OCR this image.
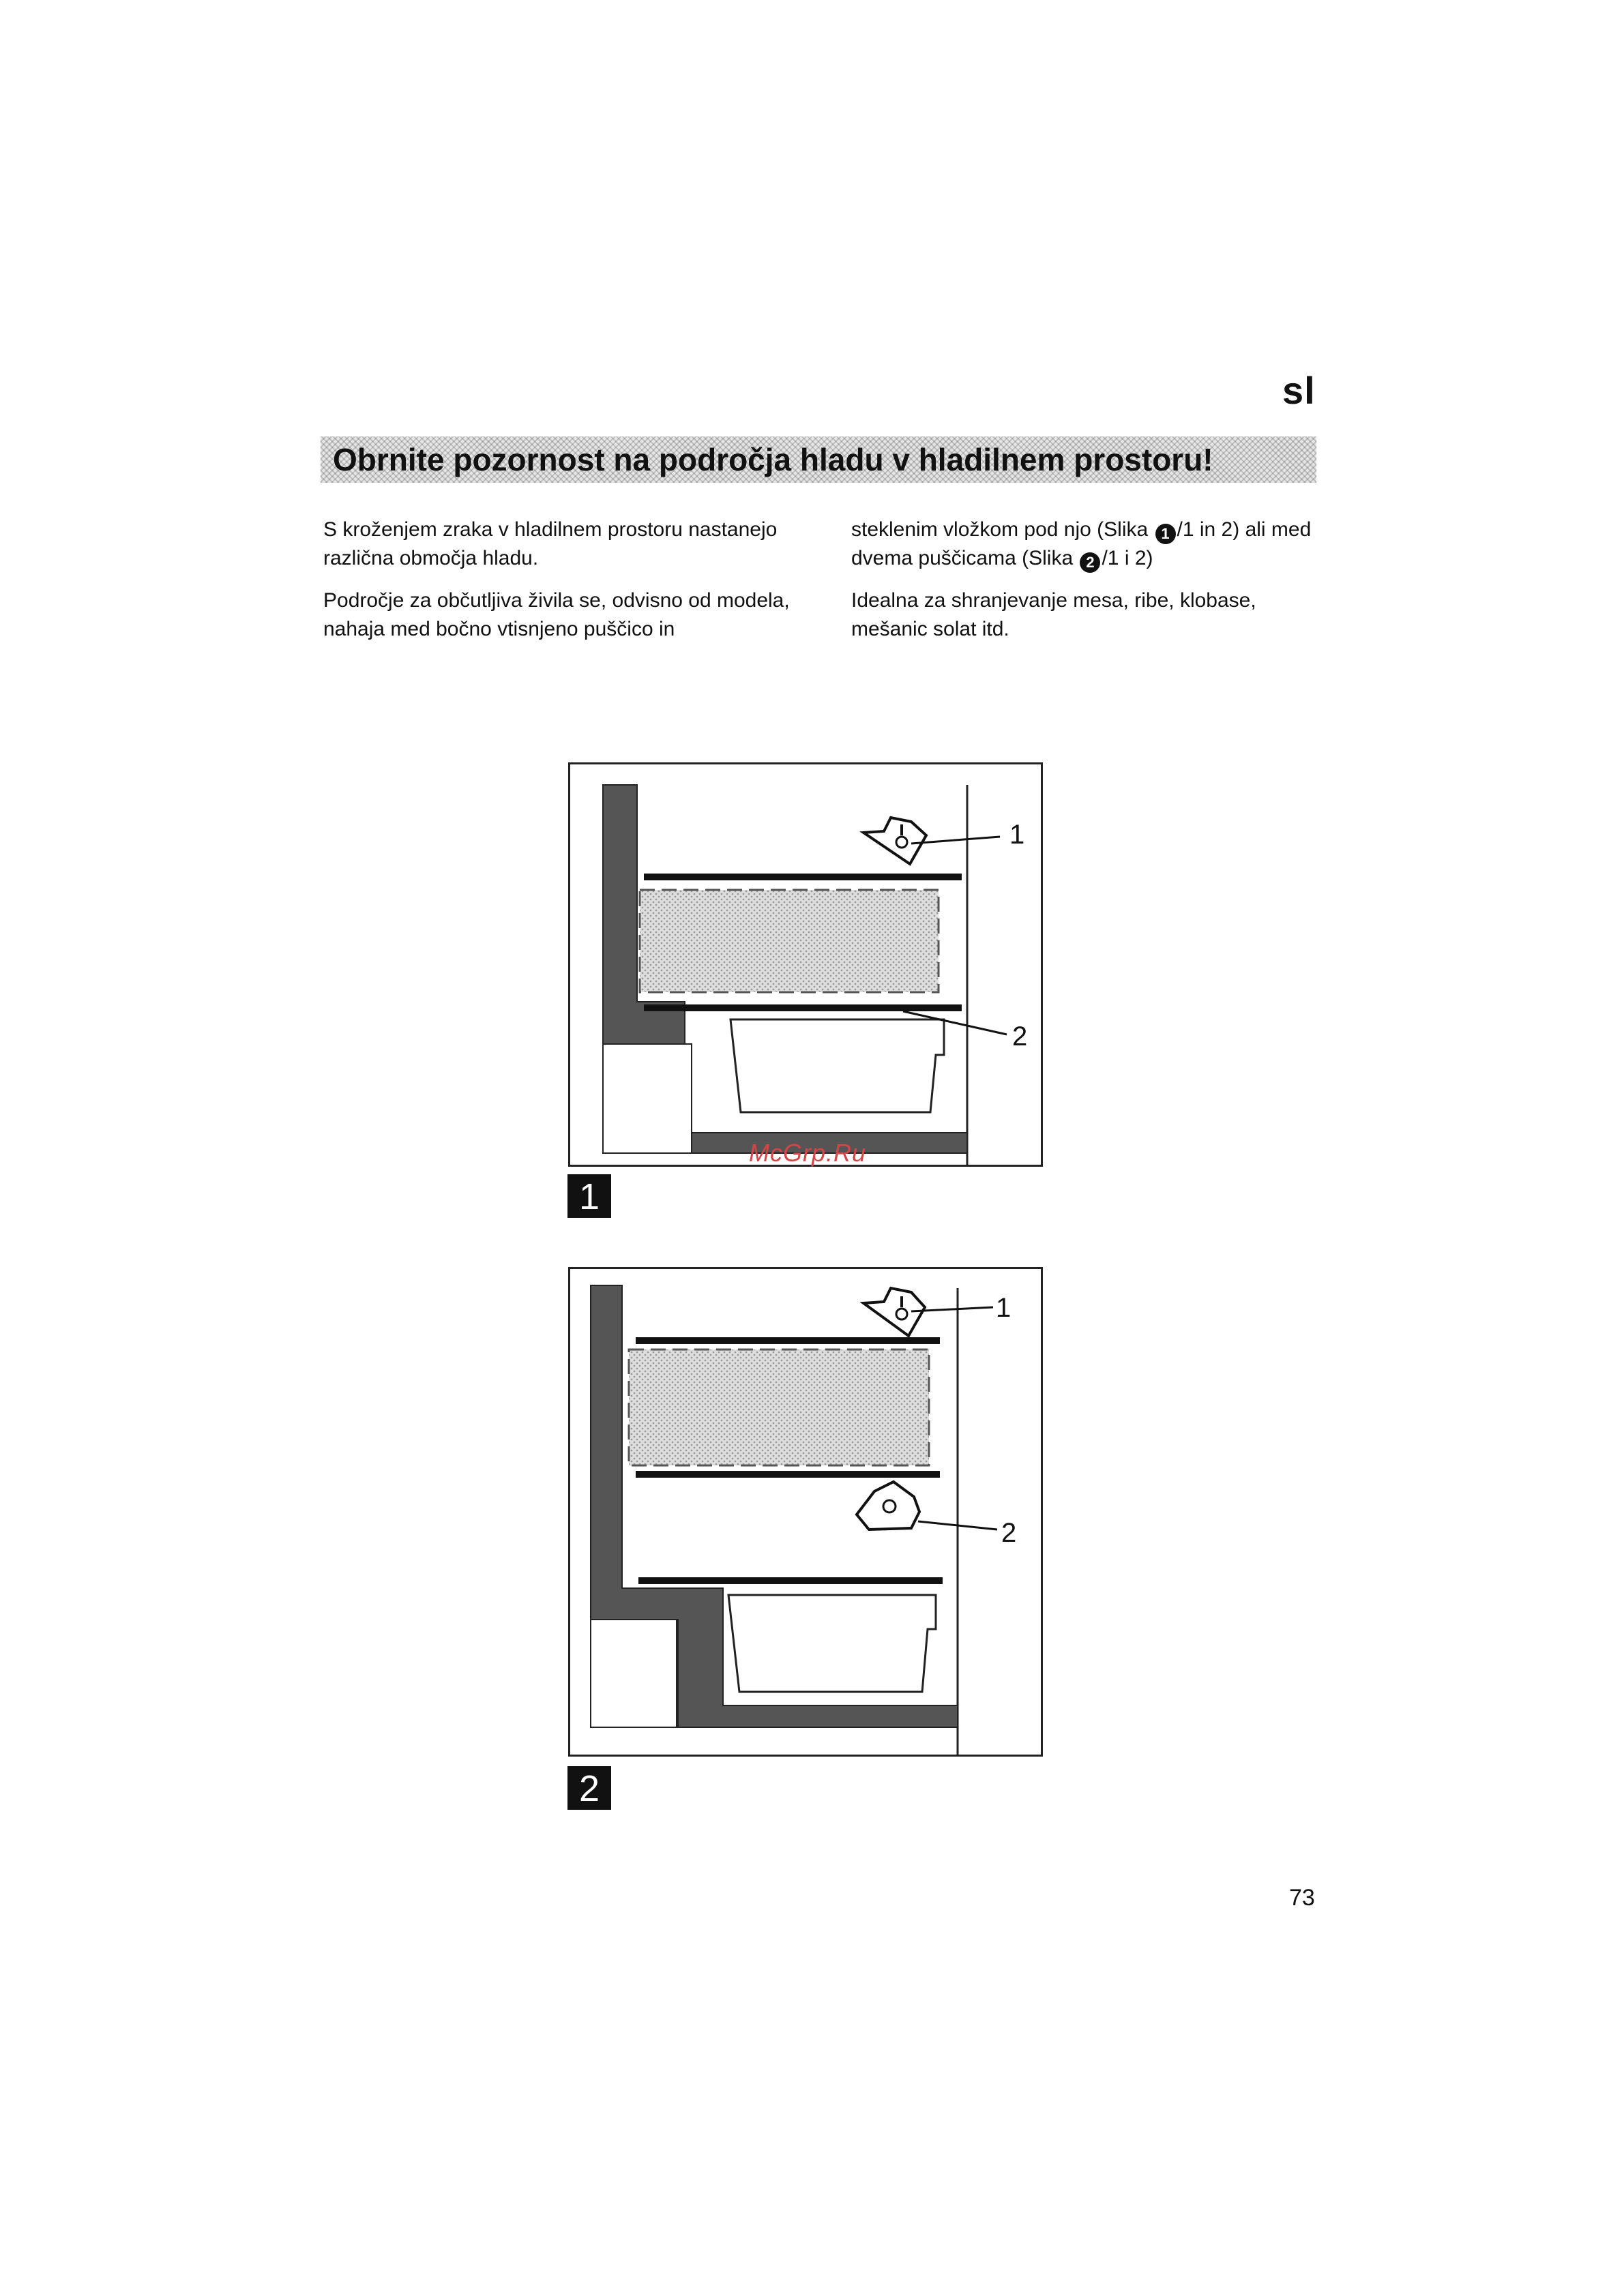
sl
Obrnite pozornost na področja hladu v hladilnem prostoru!

S kroženjem zraka v hladilnem prostoru nastanejo različna območja hladu.

Področje za občutljiva živila se, odvisno od modela, nahaja med bočno vtisnjeno puščico in

steklenim vložkom pod njo (Slika 1 /1 in 2) ali med dvema puščicama (Slika 2 /1 i 2)

Idealna za shranjevanje mesa, ribe, klobase, mešanic solat itd.

1
2
McGrp.Ru
1
1
2
2
73
